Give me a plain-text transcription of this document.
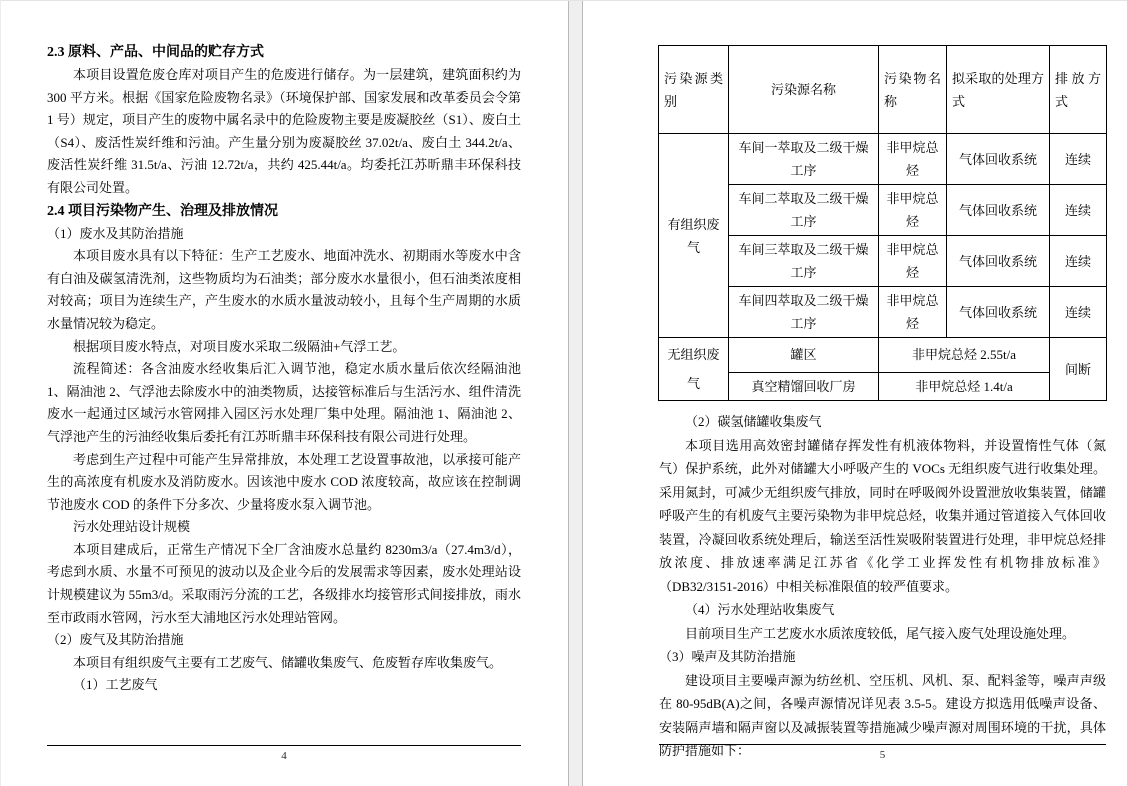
2.3 原料、产品、中间品的贮存方式

本项目设置危废仓库对项目产生的危废进行储存。为一层建筑，建筑面积约为 300 平方米。根据《国家危险废物名录》（环境保护部、国家发展和改革委员会令第 1 号）规定，项目产生的废物中属名录中的危险废物主要是废凝胶丝（S1）、废白土（S4）、废活性炭纤维和污油。产生量分别为废凝胶丝 37.02t/a、废白土 344.2t/a、废活性炭纤维 31.5t/a、污油 12.72t/a，共约 425.44t/a。均委托江苏昕鼎丰环保科技有限公司处置。

2.4 项目污染物产生、治理及排放情况

（1）废水及其防治措施

本项目废水具有以下特征：生产工艺废水、地面冲洗水、初期雨水等废水中含有白油及碳氢清洗剂，这些物质均为石油类；部分废水水量很小，但石油类浓度相对较高；项目为连续生产，产生废水的水质水量波动较小，且每个生产周期的水质水量情况较为稳定。

根据项目废水特点，对项目废水采取二级隔油+气浮工艺。

流程简述：各含油废水经收集后汇入调节池，稳定水质水量后依次经隔油池 1、隔油池 2、气浮池去除废水中的油类物质，达接管标准后与生活污水、组件清洗废水一起通过区域污水管网排入园区污水处理厂集中处理。隔油池 1、隔油池 2、气浮池产生的污油经收集后委托有江苏昕鼎丰环保科技有限公司进行处理。

考虑到生产过程中可能产生异常排放，本处理工艺设置事故池，以承接可能产生的高浓度有机废水及消防废水。因该池中废水 COD 浓度较高，故应该在控制调节池废水 COD 的条件下分多次、少量将废水泵入调节池。

污水处理站设计规模

本项目建成后，正常生产情况下全厂含油废水总量约 8230m3/a（27.4m3/d），考虑到水质、水量不可预见的波动以及企业今后的发展需求等因素，废水处理站设计规模建议为 55m3/d。采取雨污分流的工艺，各级排水均接管形式间接排放，雨水至市政雨水管网，污水至大浦地区污水处理站管网。

（2）废气及其防治措施

本项目有组织废气主要有工艺废气、储罐收集废气、危废暂存库收集废气。

（1）工艺废气

4
污染源类别	污染源名称	污染物名称	拟采取的处理方式	排放方式
有组织废气	车间一萃取及二级干燥工序	非甲烷总烃	气体回收系统	连续
	车间二萃取及二级干燥工序	非甲烷总烃	气体回收系统	连续
	车间三萃取及二级干燥工序	非甲烷总烃	气体回收系统	连续
	车间四萃取及二级干燥工序	非甲烷总烃	气体回收系统	连续
无组织废气	罐区	非甲烷总烃 2.55t/a		间断
	真空精馏回收厂房	非甲烷总烃 1.4t/a		

（2）碳氢储罐收集废气

本项目选用高效密封罐储存挥发性有机液体物料，并设置惰性气体（氮气）保护系统，此外对储罐大小呼吸产生的 VOCs 无组织废气进行收集处理。采用氮封，可减少无组织废气排放，同时在呼吸阀外设置泄放收集装置，储罐呼吸产生的有机废气主要污染物为非甲烷总烃，收集并通过管道接入气体回收装置，冷凝回收系统处理后，输送至活性炭吸附装置进行处理，非甲烷总烃排放浓度、排放速率满足江苏省《化学工业挥发性有机物排放标准》（DB32/3151-2016）中相关标准限值的较严值要求。

（4）污水处理站收集废气

目前项目生产工艺废水水质浓度较低，尾气接入废气处理设施处理。

（3）噪声及其防治措施

建设项目主要噪声源为纺丝机、空压机、风机、泵、配料釜等，噪声声级在 80-95dB(A)之间，各噪声源情况详见表 3.5-5。建设方拟选用低噪声设备、安装隔声墙和隔声窗以及减振装置等措施减少噪声源对周围环境的干扰，具体防护措施如下：	5
